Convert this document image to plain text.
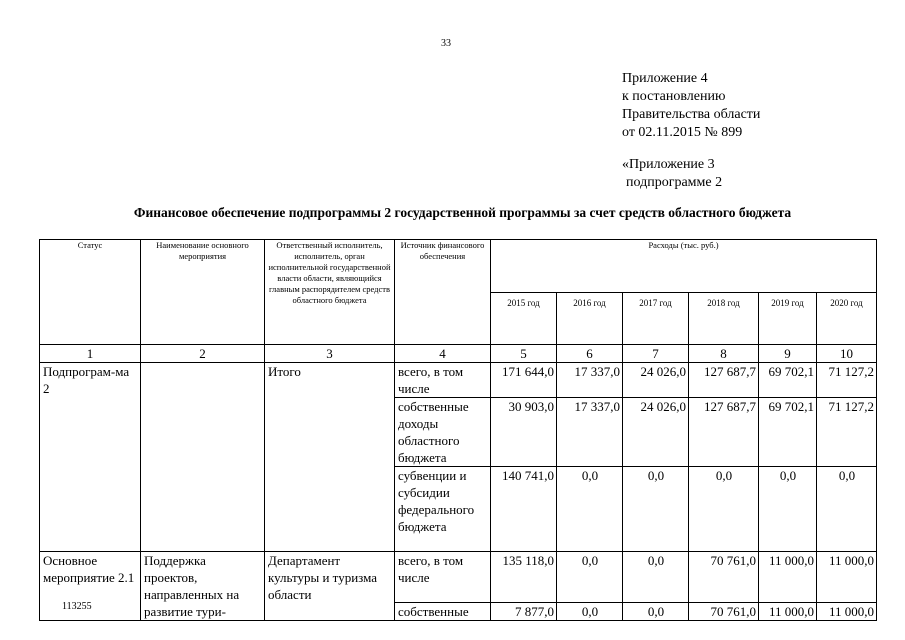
33
Приложение 4
к постановлению
Правительства области
от 02.11.2015 № 899
«Приложение 3
подпрограмме 2
Финансовое обеспечение подпрограммы 2 государственной программы за счет средств областного бюджета
Статус	Наименование основного мероприятия	Ответственный исполнитель, исполнитель, орган исполнительной государственной власти области, являющийся главным распорядителем средств областного бюджета	Источник финансового обеспечения	Расходы (тыс. руб.)					
				2015 год	2016 год	2017 год	2018 год	2019 год	2020 год
1	2	3	4	5	6	7	8	9	10
Подпрограм-ма 2		Итого	всего, в том числе	171 644,0	17 337,0	24 026,0	127 687,7	69 702,1	71 127,2
			собственные доходы областного бюджета	30 903,0	17 337,0	24 026,0	127 687,7	69 702,1	71 127,2
			субвенции и субсидии федерального бюджета	140 741,0	0,0	0,0	0,0	0,0	0,0
Основное мероприятие 2.1	Поддержка проектов, направленных на развитие тури-	Департамент культуры и туризма области	всего, в том числе	135 118,0	0,0	0,0	70 761,0	11 000,0	11 000,0
			собственные	7 877,0	0,0	0,0	70 761,0	11 000,0	11 000,0
113255
